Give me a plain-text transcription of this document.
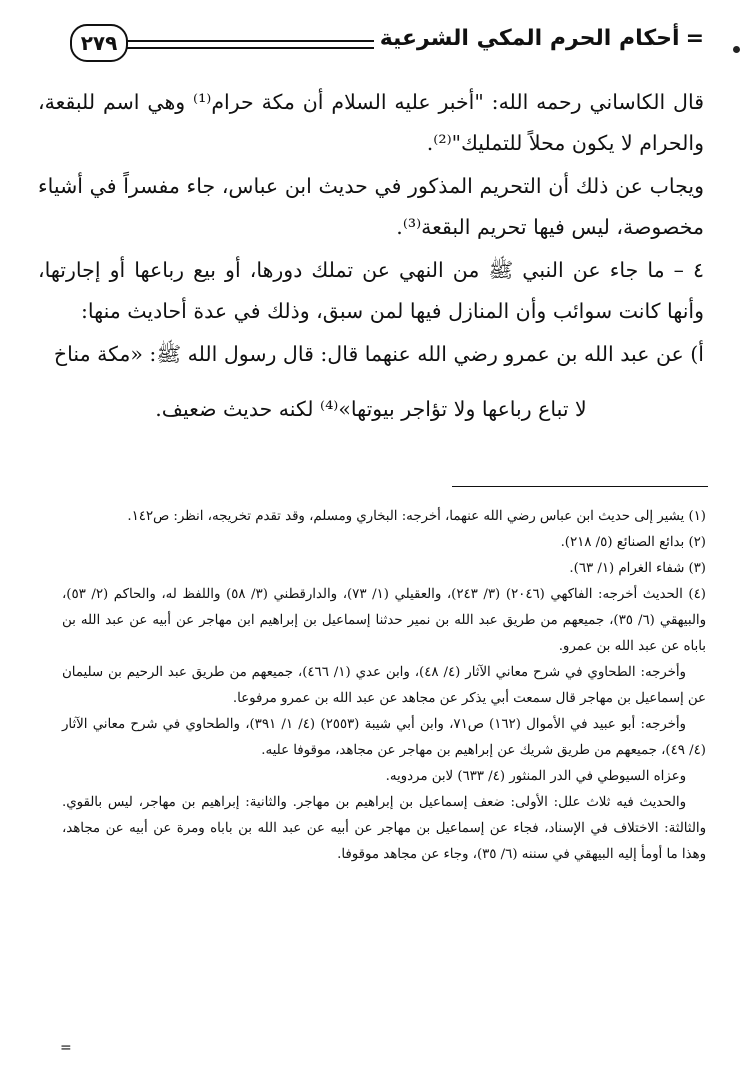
=أحكام الحرم المكي الشرعية
٢٧٩

قال الكاساني رحمه الله: "أخبر عليه السلام أن مكة حرام⁽¹⁾ وهي اسم للبقعة، والحرام لا يكون محلاً للتمليك"⁽²⁾.

ويجاب عن ذلك أن التحريم المذكور في حديث ابن عباس، جاء مفسراً في أشياء مخصوصة، ليس فيها تحريم البقعة⁽³⁾.

٤ – ما جاء عن النبي ﷺ من النهي عن تملك دورها، أو بيع رباعها أو إجارتها، وأنها كانت سوائب وأن المنازل فيها لمن سبق، وذلك في عدة أحاديث منها:

أ) عن عبد الله بن عمرو رضي الله عنهما قال: قال رسول الله ﷺ: «مكة مناخ

لا تباع رباعها ولا تؤاجر بيوتها»⁽⁴⁾ لكنه حديث ضعيف.

(١) يشير إلى حديث ابن عباس رضي الله عنهما، أخرجه: البخاري ومسلم، وقد تقدم تخريجه، انظر: ص١٤٢.

(٢) بدائع الصنائع (٥/ ٢١٨).

(٣) شفاء الغرام (١/ ٦٣).

(٤) الحديث أخرجه: الفاكهي (٢٠٤٦) (٣/ ٢٤٣)، والعقيلي (١/ ٧٣)، والدارقطني (٣/ ٥٨) واللفظ له، والحاكم (٢/ ٥٣)، والبيهقي (٦/ ٣٥)، جميعهم من طريق عبد الله بن نمير حدثنا إسماعيل بن إبراهيم ابن مهاجر عن أبيه عن عبد الله بن باباه عن عبد الله بن عمرو.

وأخرجه: الطحاوي في شرح معاني الآثار (٤/ ٤٨)، وابن عدي (١/ ٤٦٦)، جميعهم من طريق عبد الرحيم بن سليمان عن إسماعيل بن مهاجر قال سمعت أبي يذكر عن مجاهد عن عبد الله بن عمرو مرفوعا.

وأخرجه: أبو عبيد في الأموال (١٦٢) ص٧١، وابن أبي شيبة (٢٥٥٣) (٤/ ١/ ٣٩١)، والطحاوي في شرح معاني الآثار (٤/ ٤٩)، جميعهم من طريق شريك عن إبراهيم بن مهاجر عن مجاهد، موقوفا عليه.

وعزاه السيوطي في الدر المنثور (٤/ ٦٣٣) لابن مردويه.

والحديث فيه ثلاث علل: الأولى: ضعف إسماعيل بن إبراهيم بن مهاجر. والثانية: إبراهيم بن مهاجر، ليس بالقوي. والثالثة: الاختلاف في الإسناد، فجاء عن إسماعيل بن مهاجر عن أبيه عن عبد الله بن باباه ومرة عن أبيه عن مجاهد، وهذا ما أومأ إليه البيهقي في سننه (٦/ ٣٥)، وجاء عن مجاهد موقوفا.

=
